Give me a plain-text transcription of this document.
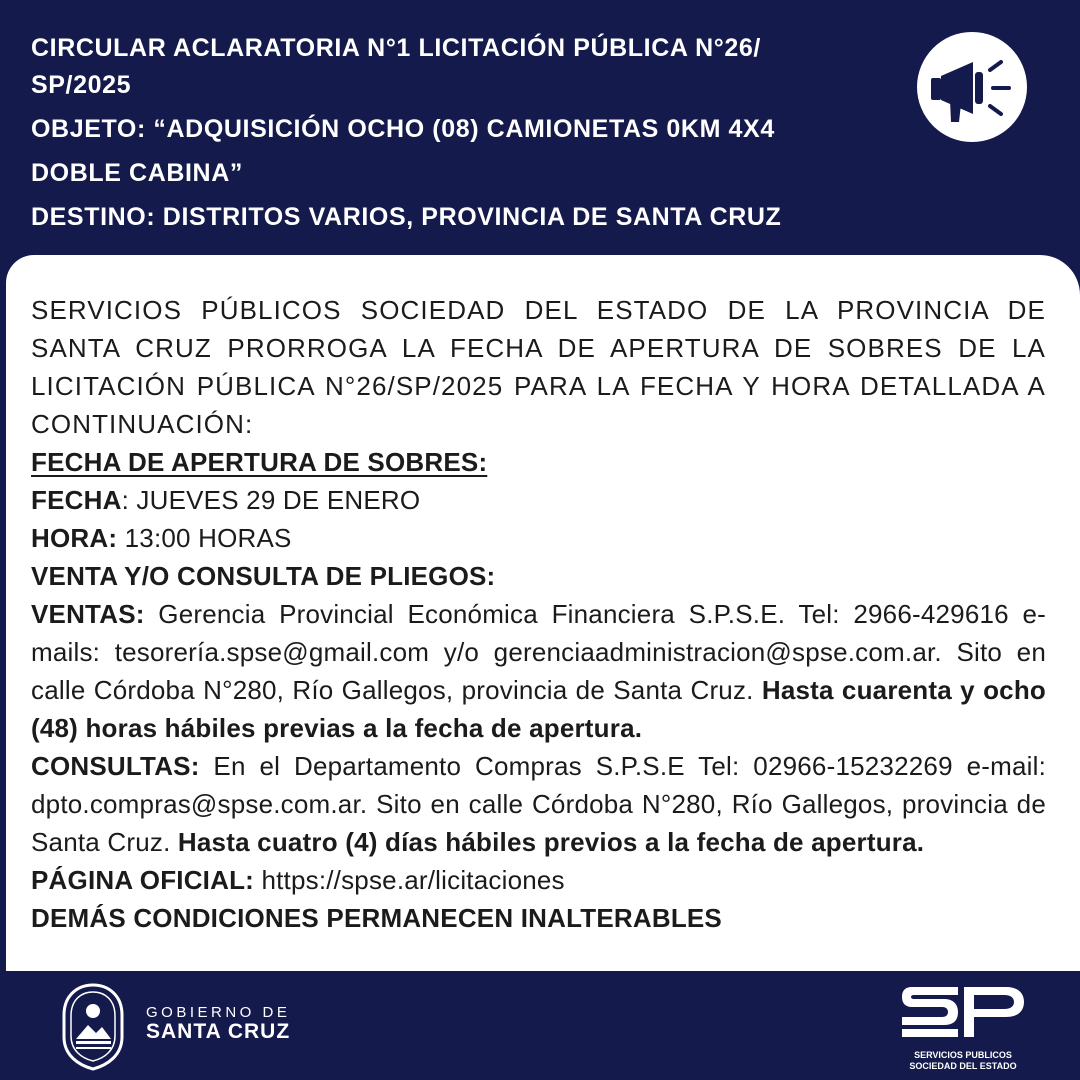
CIRCULAR ACLARATORIA N°1 LICITACIÓN PÚBLICA N°26/
SP/2025
OBJETO: “ADQUISICIÓN OCHO (08) CAMIONETAS 0KM 4X4
DOBLE CABINA”
DESTINO: DISTRITOS VARIOS, PROVINCIA DE SANTA CRUZ

SERVICIOS PÚBLICOS SOCIEDAD DEL ESTADO DE LA PROVINCIA DE SANTA CRUZ PRORROGA LA FECHA DE APERTURA DE SOBRES DE LA LICITACIÓN PÚBLICA N°26/SP/2025 PARA LA FECHA Y HORA DETALLADA A CONTINUACIÓN:

FECHA DE APERTURA DE SOBRES:

FECHA: JUEVES 29 DE ENERO

HORA: 13:00 HORAS

VENTA Y/O CONSULTA DE PLIEGOS:

VENTAS: Gerencia Provincial Económica Financiera S.P.S.E. Tel: 2966-429616 e-mails: tesorería.spse@gmail.com y/o gerenciaadministracion@spse.com.ar. Sito en calle Córdoba N°280, Río Gallegos, provincia de Santa Cruz. Hasta cuarenta y ocho (48) horas hábiles previas a la fecha de apertura.

CONSULTAS: En el Departamento Compras S.P.S.E Tel: 02966-15232269 e-mail: dpto.compras@spse.com.ar. Sito en calle Córdoba N°280, Río Gallegos, provincia de Santa Cruz. Hasta cuatro (4) días hábiles previos a la fecha de apertura.

PÁGINA OFICIAL: https://spse.ar/licitaciones

DEMÁS CONDICIONES PERMANECEN INALTERABLES

GOBIERNO DE
SANTA CRUZ
SERVICIOS PUBLICOS
SOCIEDAD DEL ESTADO
